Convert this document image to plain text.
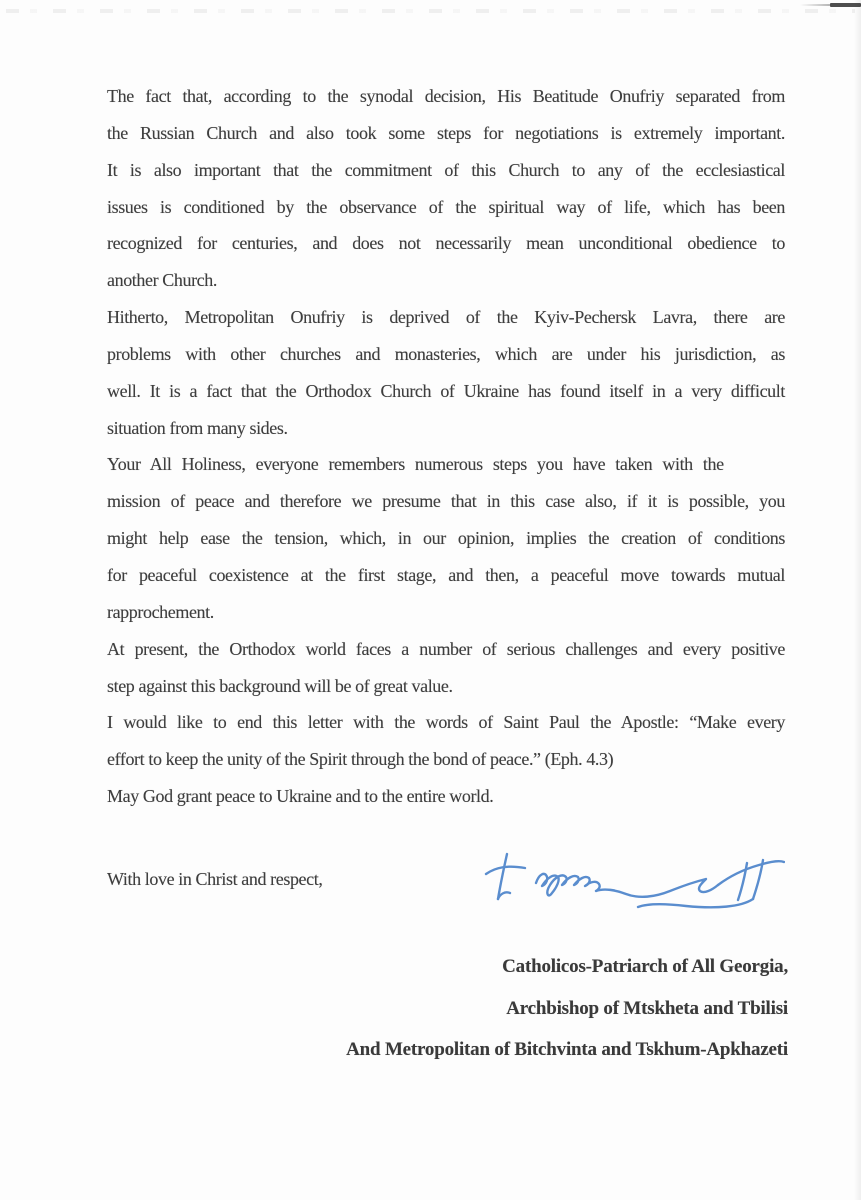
The fact that, according to the synodal decision, His Beatitude Onufriy separated from
the Russian Church and also took some steps for negotiations is extremely important.
It is also important that the commitment of this Church to any of the ecclesiastical
issues is conditioned by the observance of the spiritual way of life, which has been
recognized for centuries, and does not necessarily mean unconditional obedience to
another Church.
Hitherto, Metropolitan Onufriy is deprived of the Kyiv-Pechersk Lavra, there are
problems with other churches and monasteries, which are under his jurisdiction, as
well. It is a fact that the Orthodox Church of Ukraine has found itself in a very difficult
situation from many sides.
Your All Holiness, everyone remembers numerous steps you have taken with the
mission of peace and therefore we presume that in this case also, if it is possible, you
might help ease the tension, which, in our opinion, implies the creation of conditions
for peaceful coexistence at the first stage, and then, a peaceful move towards mutual
rapprochement.
At present, the Orthodox world faces a number of serious challenges and every positive
step against this background will be of great value.
I would like to end this letter with the words of Saint Paul the Apostle: “Make every
effort to keep the unity of the Spirit through the bond of peace.” (Eph. 4.3)
May God grant peace to Ukraine and to the entire world.
With love in Christ and respect,
Catholicos-Patriarch of All Georgia,
Archbishop of Mtskheta and Tbilisi
And Metropolitan of Bitchvinta and Tskhum-Apkhazeti
